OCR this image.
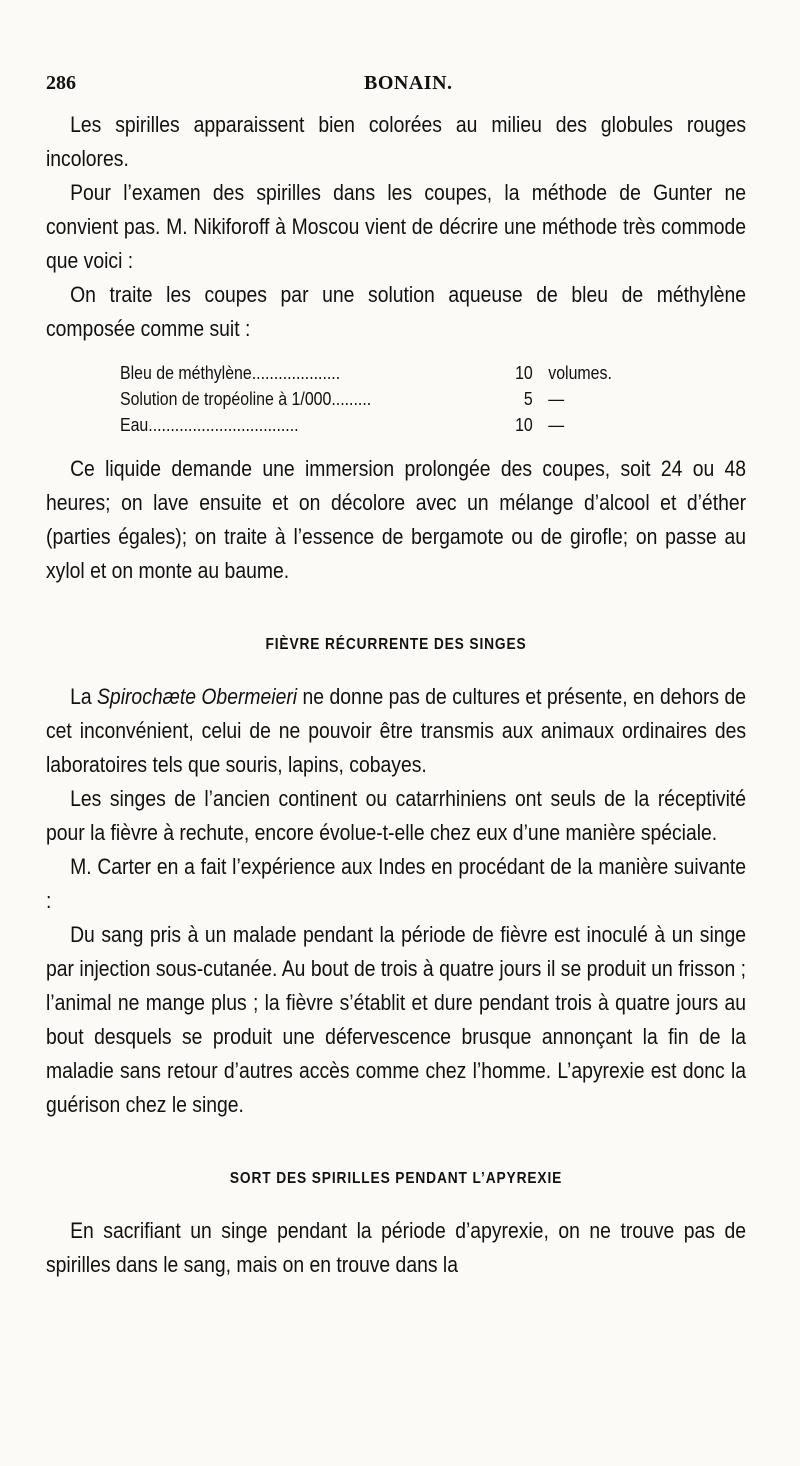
286	BONAIN.

Les spirilles apparaissent bien colorées au milieu des globules rouges incolores.

Pour l’examen des spirilles dans les coupes, la méthode de Gunter ne convient pas. M. Nikiforoff à Moscou vient de décrire une méthode très commode que voici :

On traite les coupes par une solution aqueuse de bleu de méthylène composée comme suit :

Bleu de méthylène....................	10 volumes.
Solution de tropéoline à 1/000.........	5 —
Eau..................................	10 —

Ce liquide demande une immersion prolongée des coupes, soit 24 ou 48 heures; on lave ensuite et on décolore avec un mélange d’alcool et d’éther (parties égales); on traite à l’essence de bergamote ou de girofle; on passe au xylol et on monte au baume.

FIÈVRE RÉCURRENTE DES SINGES

La Spirochæte Obermeieri ne donne pas de cultures et présente, en dehors de cet inconvénient, celui de ne pouvoir être transmis aux animaux ordinaires des laboratoires tels que souris, lapins, cobayes.

Les singes de l’ancien continent ou catarrhiniens ont seuls de la réceptivité pour la fièvre à rechute, encore évolue-t-elle chez eux d’une manière spéciale.

M. Carter en a fait l’expérience aux Indes en procédant de la manière suivante :

Du sang pris à un malade pendant la période de fièvre est inoculé à un singe par injection sous-cutanée. Au bout de trois à quatre jours il se produit un frisson ; l’animal ne mange plus ; la fièvre s’établit et dure pendant trois à quatre jours au bout desquels se produit une défervescence brusque annonçant la fin de la maladie sans retour d’autres accès comme chez l’homme. L’apyrexie est donc la guérison chez le singe.

SORT DES SPIRILLES PENDANT L’APYREXIE

En sacrifiant un singe pendant la période d’apyrexie, on ne trouve pas de spirilles dans le sang, mais on en trouve dans la
